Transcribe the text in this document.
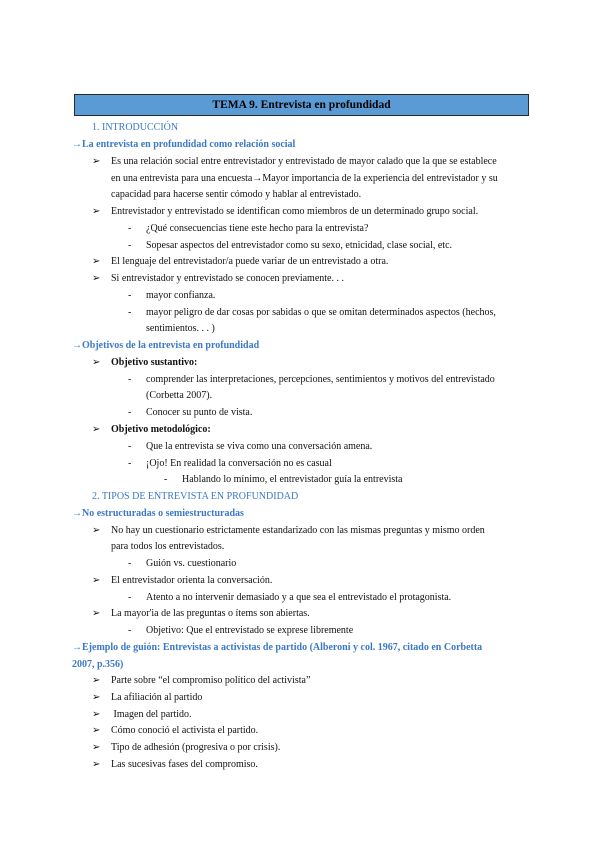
TEMA 9. Entrevista en profundidad
1. INTRODUCCIÓN
→La entrevista en profundidad como relación social
➢ Es una relación social entre entrevistador y entrevistado de mayor calado que la que se establece
en una entrevista para una encuesta→Mayor importancia de la experiencia del entrevistador y su
capacidad para hacerse sentir cómodo y hablar al entrevistado.
➢ Entrevistador y entrevistado se identifican como miembros de un determinado grupo social.
- ¿Qué consecuencias tiene este hecho para la entrevista?
- Sopesar aspectos del entrevistador como su sexo, etnicidad, clase social, etc.
➢ El lenguaje del entrevistador/a puede variar de un entrevistado a otra.
➢ Si entrevistador y entrevistado se conocen previamente. . .
- mayor confianza.
- mayor peligro de dar cosas por sabidas o que se omitan determinados aspectos (hechos,
sentimientos. . . )
→Objetivos de la entrevista en profundidad
➢ Objetivo sustantivo:
- comprender las interpretaciones, percepciones, sentimientos y motivos del entrevistado
(Corbetta 2007).
- Conocer su punto de vista.
➢ Objetivo metodológico:
- Que la entrevista se viva como una conversación amena.
- ¡Ojo! En realidad la conversación no es casual
- Hablando lo mínimo, el entrevistador guía la entrevista
2. TIPOS DE ENTREVISTA EN PROFUNDIDAD
→No estructuradas o semiestructuradas
➢ No hay un cuestionario estrictamente estandarizado con las mismas preguntas y mismo orden
para todos los entrevistados.
- Guión vs. cuestionario
➢ El entrevistador orienta la conversación.
- Atento a no intervenir demasiado y a que sea el entrevistado el protagonista.
➢ La mayor'ia de las preguntas o ítems son abiertas.
- Objetivo: Que el entrevistado se exprese libremente
→Ejemplo de guión: Entrevistas a activistas de partido (Alberoni y col. 1967, citado en Corbetta
2007, p.356)
➢ Parte sobre “el compromiso político del activista”
➢ La afiliación al partido
➢ Imagen del partido.
➢ Cómo conoció el activista el partido.
➢ Tipo de adhesión (progresiva o por crisis).
➢ Las sucesivas fases del compromiso.
